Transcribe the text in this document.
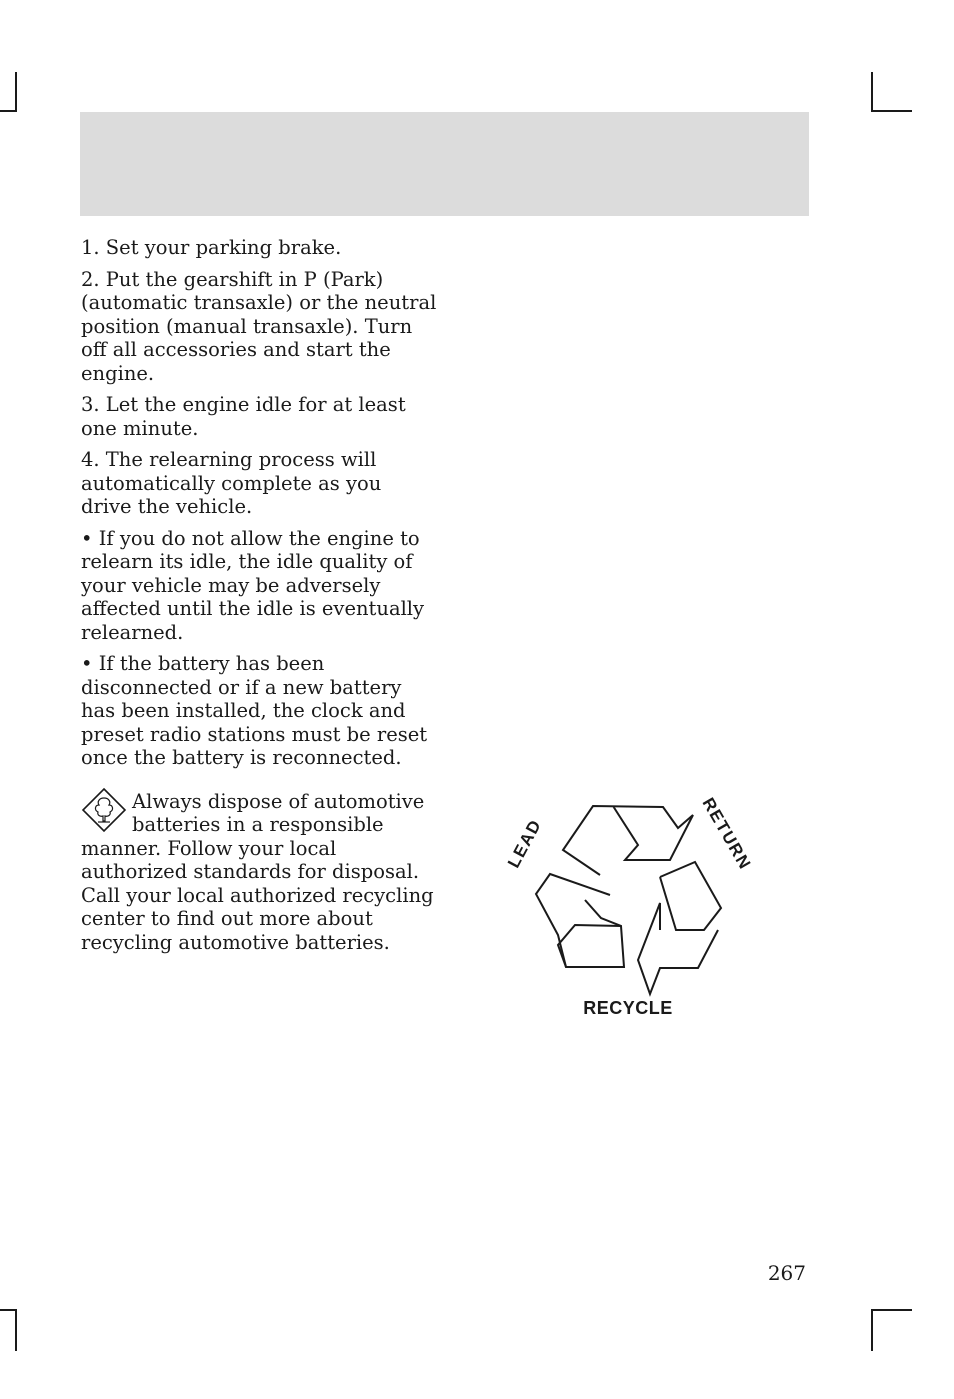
1. Set your parking brake.

2. Put the gearshift in P (Park) (automatic transaxle) or the neutral position (manual transaxle). Turn off all accessories and start the engine.

3. Let the engine idle for at least one minute.

4. The relearning process will automatically complete as you drive the vehicle.

• If you do not allow the engine to relearn its idle, the idle quality of your vehicle may be adversely affected until the idle is eventually relearned.

• If the battery has been disconnected or if a new battery has been installed, the clock and preset radio stations must be reset once the battery is reconnected.

Always dispose of automotive
batteries in a responsible
manner. Follow your local authorized standards for disposal. Call your local authorized recycling center to find out more about recycling automotive batteries.
LEAD	RETURN
RECYCLE
267
